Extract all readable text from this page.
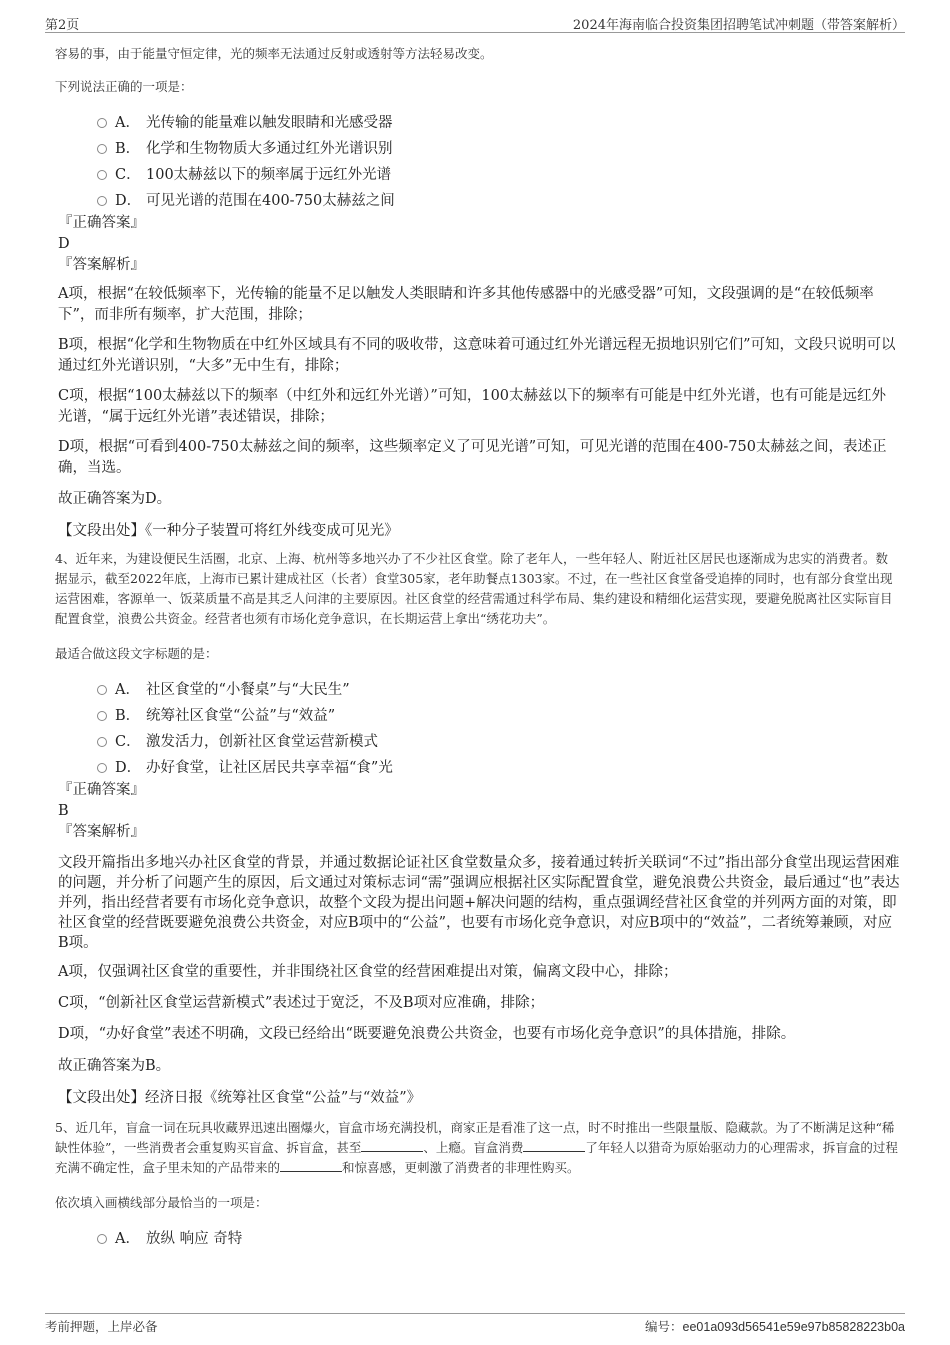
第2页	2024年海南临合投资集团招聘笔试冲刺题（带答案解析）

容易的事，由于能量守恒定律，光的频率无法通过反射或透射等方法轻易改变。

下列说法正确的一项是：

A． 光传输的能量难以触发眼睛和光感受器
B． 化学和生物物质大多通过红外光谱识别
C． 100太赫兹以下的频率属于远红外光谱
D． 可见光谱的范围在400-750太赫兹之间

『正确答案』

D

『答案解析』

A项，根据“在较低频率下，光传输的能量不足以触发人类眼睛和许多其他传感器中的光感受器”可知，文段强调的是“在较低频率下”，而非所有频率，扩大范围，排除；

B项，根据“化学和生物物质在中红外区域具有不同的吸收带，这意味着可通过红外光谱远程无损地识别它们”可知，文段只说明可以通过红外光谱识别，“大多”无中生有，排除；

C项，根据“100太赫兹以下的频率（中红外和远红外光谱）”可知，100太赫兹以下的频率有可能是中红外光谱，也有可能是远红外光谱，“属于远红外光谱”表述错误，排除；

D项，根据“可看到400-750太赫兹之间的频率，这些频率定义了可见光谱”可知，可见光谱的范围在400-750太赫兹之间，表述正确，当选。

故正确答案为D。

【文段出处】《一种分子装置可将红外线变成可见光》

4、近年来，为建设便民生活圈，北京、上海、杭州等多地兴办了不少社区食堂。除了老年人，一些年轻人、附近社区居民也逐渐成为忠实的消费者。数据显示，截至2022年底，上海市已累计建成社区（长者）食堂305家，老年助餐点1303家。不过，在一些社区食堂备受追捧的同时，也有部分食堂出现运营困难，客源单一、饭菜质量不高是其乏人问津的主要原因。社区食堂的经营需通过科学布局、集约建设和精细化运营实现，要避免脱离社区实际盲目配置食堂，浪费公共资金。经营者也须有市场化竞争意识，在长期运营上拿出“绣花功夫”。

最适合做这段文字标题的是：

A． 社区食堂的“小餐桌”与“大民生”
B． 统筹社区食堂“公益”与“效益”
C． 激发活力，创新社区食堂运营新模式
D． 办好食堂，让社区居民共享幸福“食”光

『正确答案』

B

『答案解析』

文段开篇指出多地兴办社区食堂的背景，并通过数据论证社区食堂数量众多，接着通过转折关联词“不过”指出部分食堂出现运营困难的问题，并分析了问题产生的原因，后文通过对策标志词“需”强调应根据社区实际配置食堂，避免浪费公共资金，最后通过“也”表达并列，指出经营者要有市场化竞争意识，故整个文段为提出问题+解决问题的结构，重点强调经营社区食堂的并列两方面的对策，即社区食堂的经营既要避免浪费公共资金，对应B项中的“公益”，也要有市场化竞争意识，对应B项中的“效益”，二者统筹兼顾，对应B项。

A项，仅强调社区食堂的重要性，并非围绕社区食堂的经营困难提出对策，偏离文段中心，排除；

C项，“创新社区食堂运营新模式”表述过于宽泛，不及B项对应准确，排除；

D项，“办好食堂”表述不明确，文段已经给出“既要避免浪费公共资金，也要有市场化竞争意识”的具体措施，排除。

故正确答案为B。

【文段出处】经济日报《统筹社区食堂“公益”与“效益”》

5、近几年，盲盒一词在玩具收藏界迅速出圈爆火，盲盒市场充满投机，商家正是看准了这一点，时不时推出一些限量版、隐藏款。为了不断满足这种“稀缺性体验”，一些消费者会重复购买盲盒、拆盲盒，甚至	、上瘾。盲盒消费	了年轻人以猎奇为原始驱动力的心理需求，拆盲盒的过程充满不确定性，盒子里未知的产品带来的	和惊喜感，更刺激了消费者的非理性购买。

依次填入画横线部分最恰当的一项是：

A． 放纵 响应 奇特
考前押题，上岸必备	编号：ee01a093d56541e59e97b85828223b0a
